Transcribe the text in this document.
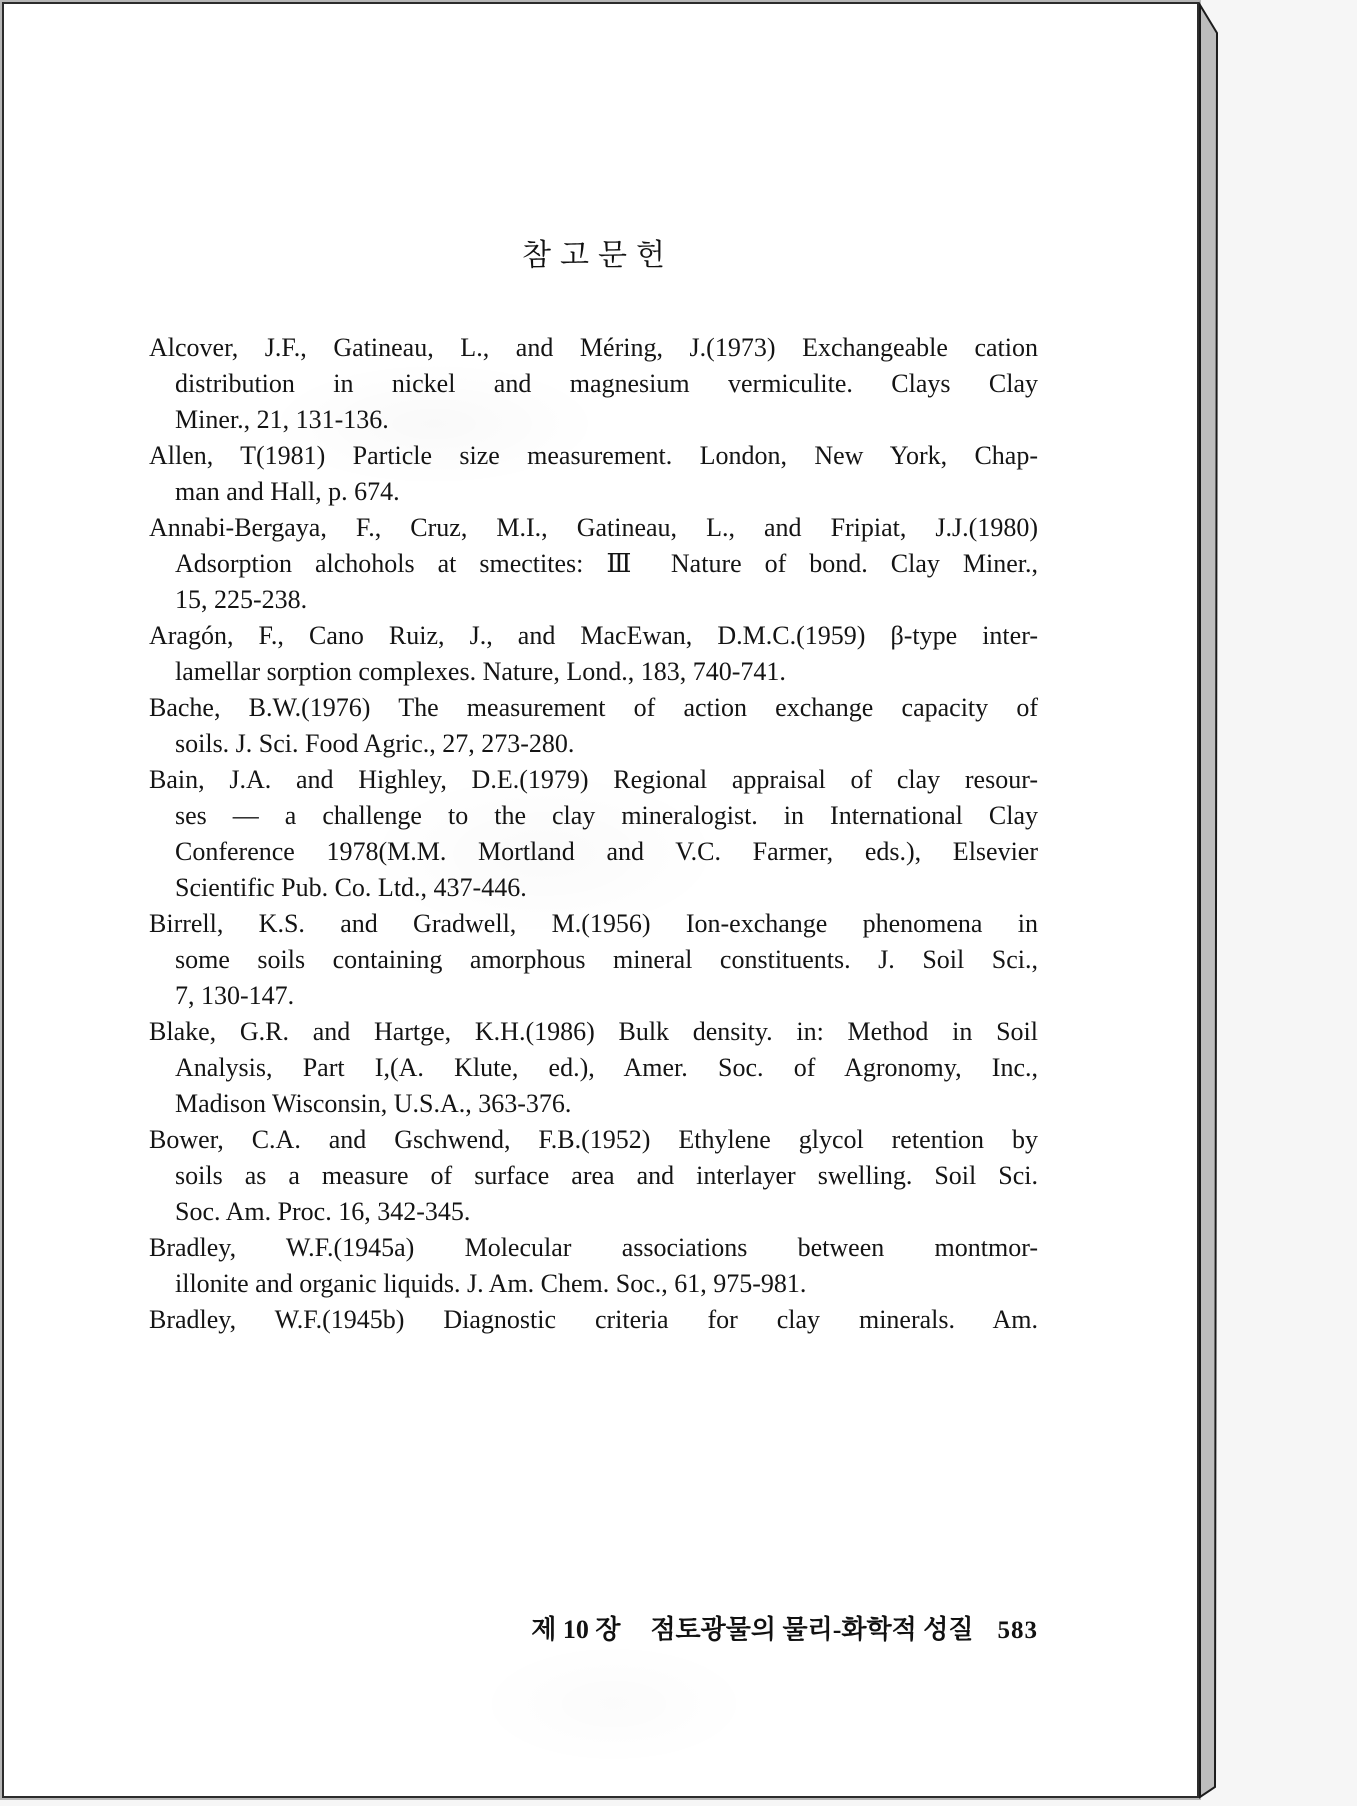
참고문헌
Alcover, J.F., Gatineau, L., and Méring, J.(1973) Exchangeable cation
distribution in nickel and magnesium vermiculite. Clays Clay
Miner., 21, 131-136.
Allen, T(1981) Particle size measurement. London, New York, Chap-
man and Hall, p. 674.
Annabi-Bergaya, F., Cruz, M.I., Gatineau, L., and Fripiat, J.J.(1980)
Adsorption alchohols at smectites: Ⅲ Nature of bond. Clay Miner.,
15, 225-238.
Aragón, F., Cano Ruiz, J., and MacEwan, D.M.C.(1959) β-type inter-
lamellar sorption complexes. Nature, Lond., 183, 740-741.
Bache, B.W.(1976) The measurement of action exchange capacity of
soils. J. Sci. Food Agric., 27, 273-280.
Bain, J.A. and Highley, D.E.(1979) Regional appraisal of clay resour-
ses — a challenge to the clay mineralogist. in International Clay
Conference 1978(M.M. Mortland and V.C. Farmer, eds.), Elsevier
Scientific Pub. Co. Ltd., 437-446.
Birrell, K.S. and Gradwell, M.(1956) Ion-exchange phenomena in
some soils containing amorphous mineral constituents. J. Soil Sci.,
7, 130-147.
Blake, G.R. and Hartge, K.H.(1986) Bulk density. in: Method in Soil
Analysis, Part I,(A. Klute, ed.), Amer. Soc. of Agronomy, Inc.,
Madison Wisconsin, U.S.A., 363-376.
Bower, C.A. and Gschwend, F.B.(1952) Ethylene glycol retention by
soils as a measure of surface area and interlayer swelling. Soil Sci.
Soc. Am. Proc. 16, 342-345.
Bradley, W.F.(1945a) Molecular associations between montmor-
illonite and organic liquids. J. Am. Chem. Soc., 61, 975-981.
Bradley, W.F.(1945b) Diagnostic criteria for clay minerals. Am.
제 10 장 점토광물의 물리-화학적 성질 583
